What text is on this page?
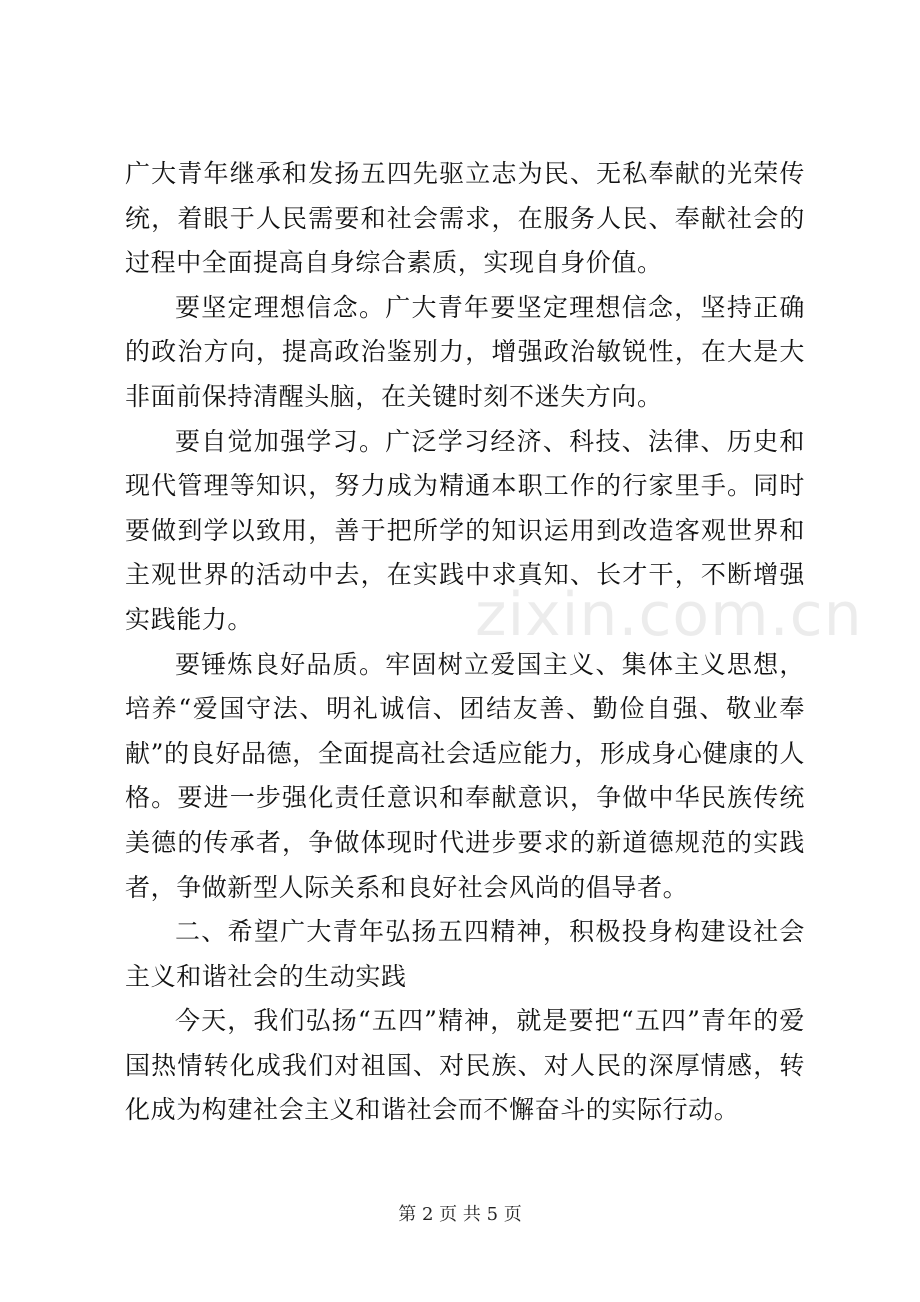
广大青年继承和发扬五四先驱立志为民、无私奉献的光荣传统，着眼于人民需要和社会需求，在服务人民、奉献社会的过程中全面提高自身综合素质，实现自身价值。

要坚定理想信念。广大青年要坚定理想信念，坚持正确的政治方向，提高政治鉴别力，增强政治敏锐性，在大是大非面前保持清醒头脑，在关键时刻不迷失方向。

要自觉加强学习。广泛学习经济、科技、法律、历史和现代管理等知识，努力成为精通本职工作的行家里手。同时要做到学以致用，善于把所学的知识运用到改造客观世界和主观世界的活动中去，在实践中求真知、长才干，不断增强实践能力。

要锤炼良好品质。牢固树立爱国主义、集体主义思想，培养“爱国守法、明礼诚信、团结友善、勤俭自强、敬业奉献”的良好品德，全面提高社会适应能力，形成身心健康的人格。要进一步强化责任意识和奉献意识，争做中华民族传统美德的传承者，争做体现时代进步要求的新道德规范的实践者，争做新型人际关系和良好社会风尚的倡导者。

二、希望广大青年弘扬五四精神，积极投身构建设社会主义和谐社会的生动实践

今天，我们弘扬“五四”精神，就是要把“五四”青年的爱国热情转化成我们对祖国、对民族、对人民的深厚情感，转化成为构建社会主义和谐社会而不懈奋斗的实际行动。

zixin.com.cn
第 2 页 共 5 页
